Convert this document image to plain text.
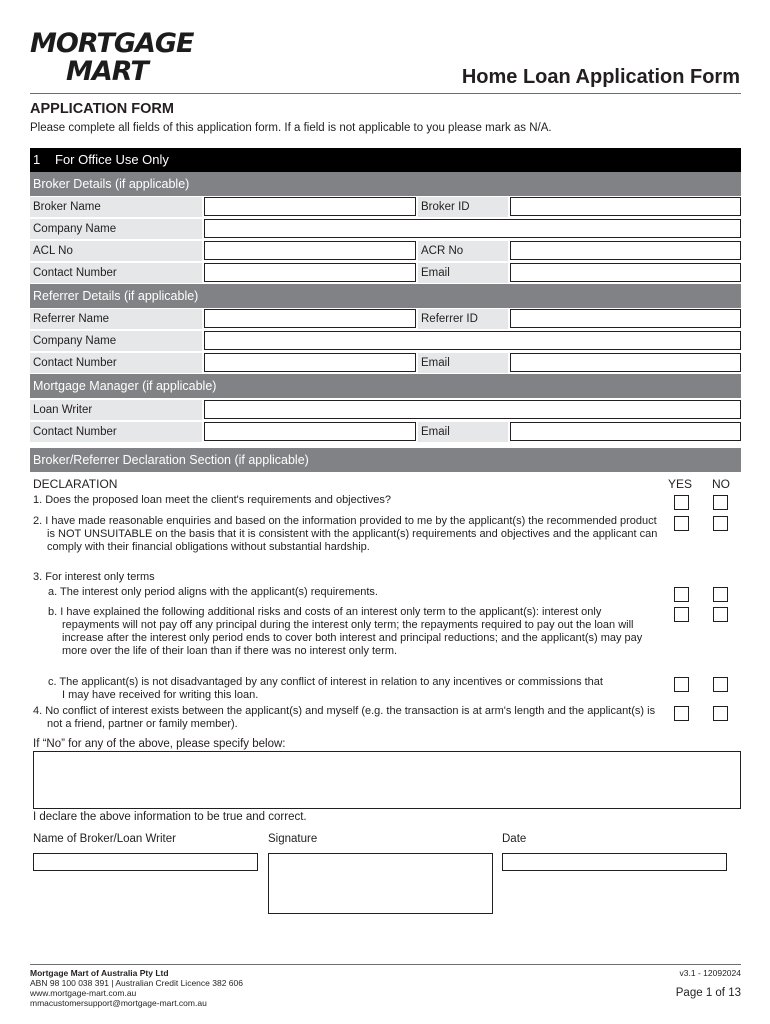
MORTGAGE
MART	Home Loan Application Form
APPLICATION FORM
Please complete all fields of this application form. If a field is not applicable to you please mark as N/A.
1 For Office Use Only
Broker Details (if applicable)
Broker Name	Broker ID
Company Name
ACL No	ACR No
Contact Number	Email
Referrer Details (if applicable)
Referrer Name	Referrer ID
Company Name
Contact Number	Email
Mortgage Manager (if applicable)
Loan Writer
Contact Number	Email
Broker/Referrer Declaration Section (if applicable)
DECLARATION	YES NO
1. Does the proposed loan meet the client's requirements and objectives?
2. I have made reasonable enquiries and based on the information provided to me by the applicant(s) the recommended product is NOT UNSUITABLE on the basis that it is consistent with the applicant(s) requirements and objectives and the applicant can comply with their financial obligations without substantial hardship.
3. For interest only terms
a. The interest only period aligns with the applicant(s) requirements.
b. I have explained the following additional risks and costs of an interest only term to the applicant(s): interest only repayments will not pay off any principal during the interest only term; the repayments required to pay out the loan will increase after the interest only period ends to cover both interest and principal reductions; and the applicant(s) may pay more over the life of their loan than if there was no interest only term.
c. The applicant(s) is not disadvantaged by any conflict of interest in relation to any incentives or commissions that I may have received for writing this loan.
4. No conflict of interest exists between the applicant(s) and myself (e.g. the transaction is at arm's length and the applicant(s) is not a friend, partner or family member).
If “No” for any of the above, please specify below:
I declare the above information to be true and correct.
Name of Broker/Loan Writer	Signature	Date
Mortgage Mart of Australia Pty Ltd
ABN 98 100 038 391 | Australian Credit Licence 382 606
www.mortgage-mart.com.au
mmacustomersupport@mortgage-mart.com.au
v3.1 - 12092024
Page 1 of 13
